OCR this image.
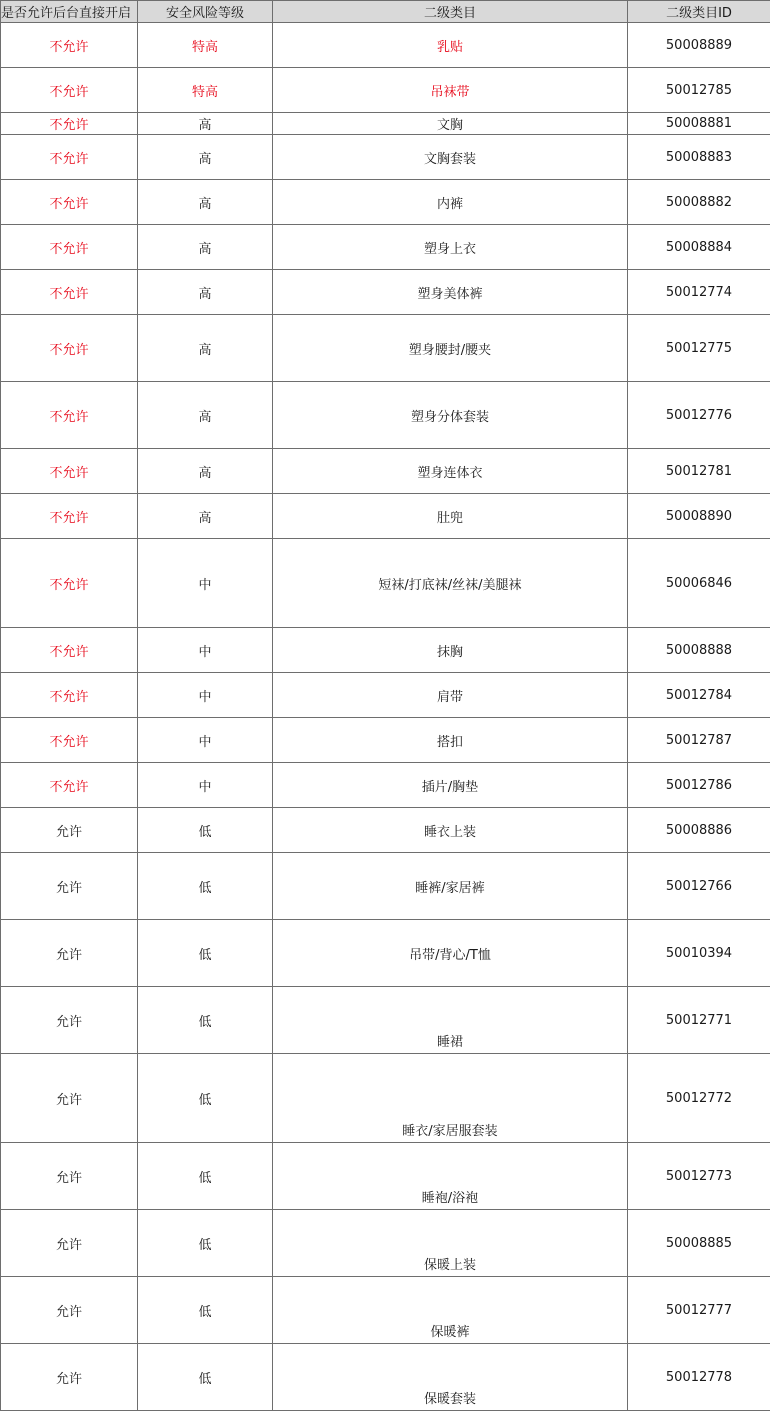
是否允许后台直接开启	安全风险等级	二级类目	二级类目ID
不允许	特高	乳贴	50008889
不允许	特高	吊袜带	50012785
不允许	高	文胸	50008881
不允许	高	文胸套装	50008883
不允许	高	内裤	50008882
不允许	高	塑身上衣	50008884
不允许	高	塑身美体裤	50012774
不允许	高	塑身腰封/腰夹	50012775
不允许	高	塑身分体套装	50012776
不允许	高	塑身连体衣	50012781
不允许	高	肚兜	50008890
不允许	中	短袜/打底袜/丝袜/美腿袜	50006846
不允许	中	抹胸	50008888
不允许	中	肩带	50012784
不允许	中	搭扣	50012787
不允许	中	插片/胸垫	50012786
允许	低	睡衣上装	50008886
允许	低	睡裤/家居裤	50012766
允许	低	吊带/背心/T恤	50010394
允许	低	睡裙	50012771
允许	低	睡衣/家居服套装	50012772
允许	低	睡袍/浴袍	50012773
允许	低	保暖上装	50008885
允许	低	保暖裤	50012777
允许	低	保暖套装	50012778
